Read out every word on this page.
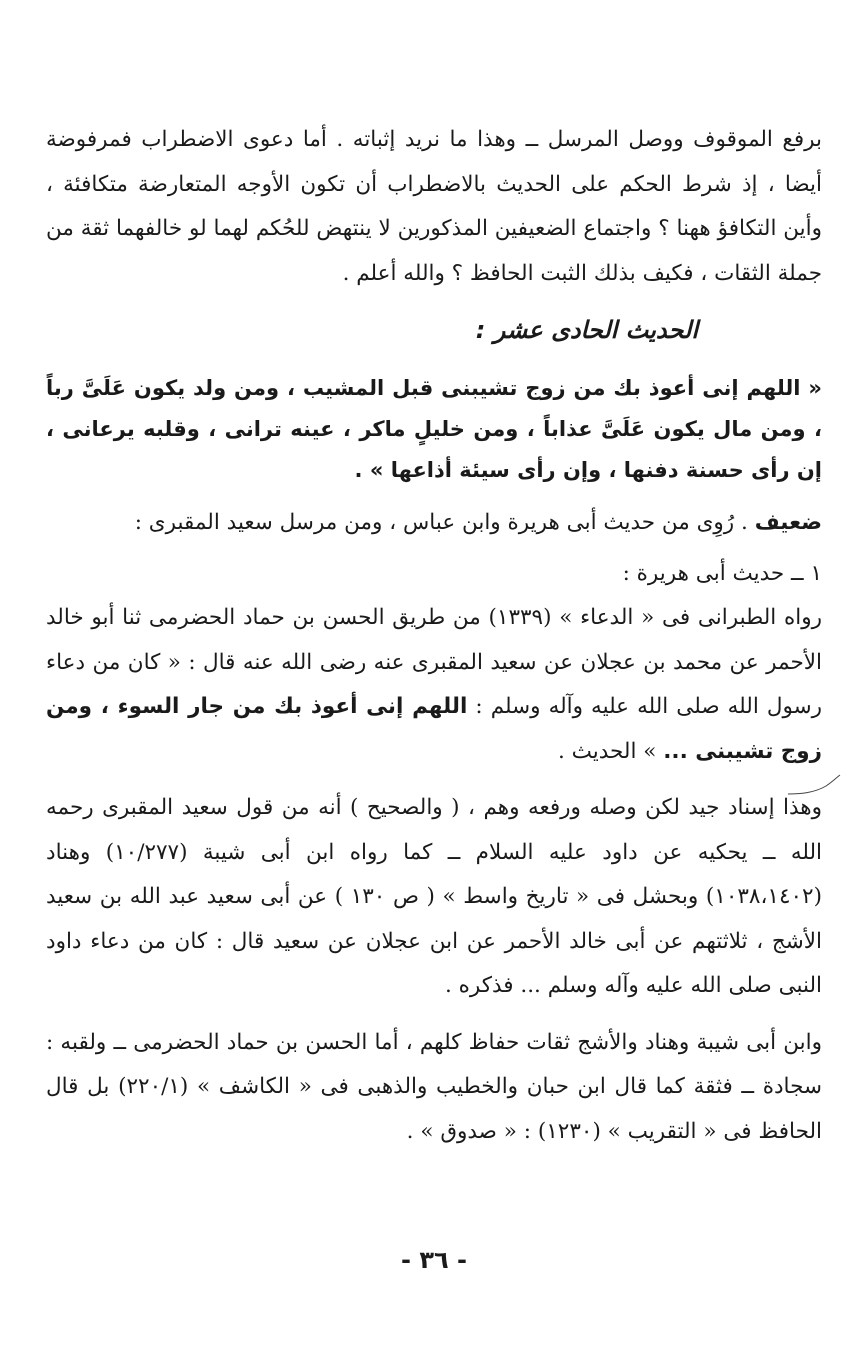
برفع الموقوف ووصل المرسل ــ وهذا ما نريد إثباته . أما دعوى الاضطراب فمرفوضة أيضا ، إذ شرط الحكم على الحديث بالاضطراب أن تكون الأوجه المتعارضة متكافئة ، وأين التكافؤ ههنا ؟ واجتماع الضعيفين المذكورين لا ينتهض للحُكم لهما لو خالفهما ثقة من جملة الثقات ، فكيف بذلك الثبت الحافظ ؟ والله أعلم .

الحديث الحادى عشر :

« اللهم إنى أعوذ بك من زوج تشيبنى قبل المشيب ، ومن ولد يكون عَلَىَّ رباً ، ومن مال يكون عَلَىَّ عذاباً ، ومن خليلٍ ماكر ، عينه ترانى ، وقلبه يرعانى ، إن رأى حسنة دفنها ، وإن رأى سيئة أذاعها » .

ضعيف . رُوِى من حديث أبى هريرة وابن عباس ، ومن مرسل سعيد المقبرى :

١ ــ حديث أبى هريرة :

رواه الطبرانى فى « الدعاء » (١٣٣٩) من طريق الحسن بن حماد الحضرمى ثنا أبو خالد الأحمر عن محمد بن عجلان عن سعيد المقبرى عنه رضى الله عنه قال : « كان من دعاء رسول الله صلى الله عليه وآله وسلم : اللهم إنى أعوذ بك من جار السوء ، ومن زوج تشيبنى ... » الحديث .

وهذا إسناد جيد لكن وصله ورفعه وهم ، ( والصحيح ) أنه من قول سعيد المقبرى رحمه الله ــ يحكيه عن داود عليه السلام ــ كما رواه ابن أبى شيبة (١٠/٢٧٧) وهناد (١٠٣٨،١٤٠٢) وبحشل فى « تاريخ واسط » ( ص ١٣٠ ) عن أبى سعيد عبد الله بن سعيد الأشج ، ثلاثتهم عن أبى خالد الأحمر عن ابن عجلان عن سعيد قال : كان من دعاء داود النبى صلى الله عليه وآله وسلم ... فذكره .

وابن أبى شيبة وهناد والأشج ثقات حفاظ كلهم ، أما الحسن بن حماد الحضرمى ــ ولقبه : سجادة ــ فثقة كما قال ابن حبان والخطيب والذهبى فى « الكاشف » (٢٢٠/١) بل قال الحافظ فى « التقريب » (١٢٣٠) : « صدوق » .

- ٣٦ -
